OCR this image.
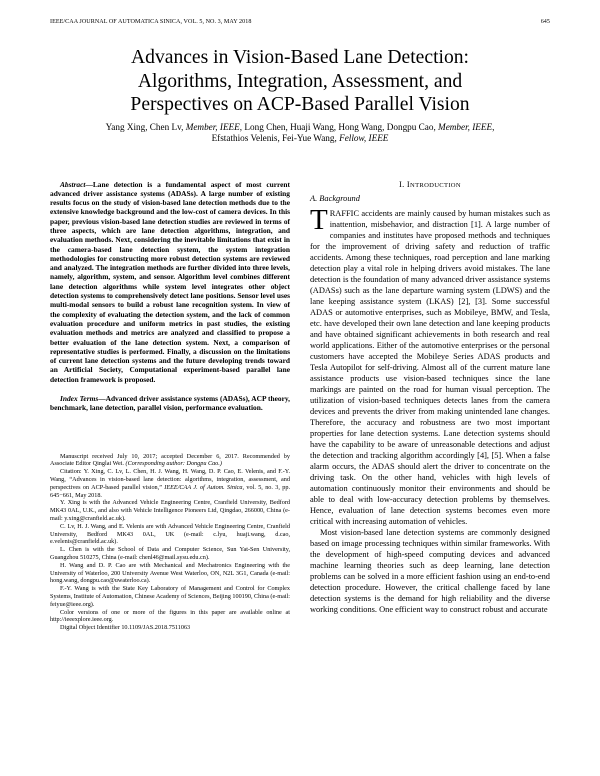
IEEE/CAA JOURNAL OF AUTOMATICA SINICA, VOL. 5, NO. 3, MAY 2018	645
Advances in Vision-Based Lane Detection:
Algorithms, Integration, Assessment, and
Perspectives on ACP-Based Parallel Vision
Yang Xing, Chen Lv, Member, IEEE, Long Chen, Huaji Wang, Hong Wang, Dongpu Cao, Member, IEEE,
Efstathios Velenis, Fei-Yue Wang, Fellow, IEEE

Abstract—Lane detection is a fundamental aspect of most current advanced driver assistance systems (ADASs). A large number of existing results focus on the study of vision-based lane detection methods due to the extensive knowledge background and the low-cost of camera devices. In this paper, previous vision-based lane detection studies are reviewed in terms of three aspects, which are lane detection algorithms, integration, and evaluation methods. Next, considering the inevitable limitations that exist in the camera-based lane detection system, the system integration methodologies for constructing more robust detection systems are reviewed and analyzed. The integration methods are further divided into three levels, namely, algorithm, system, and sensor. Algorithm level combines different lane detection algorithms while system level integrates other object detection systems to comprehensively detect lane positions. Sensor level uses multi-modal sensors to build a robust lane recognition system. In view of the complexity of evaluating the detection system, and the lack of common evaluation procedure and uniform metrics in past studies, the existing evaluation methods and metrics are analyzed and classified to propose a better evaluation of the lane detection system. Next, a comparison of representative studies is performed. Finally, a discussion on the limitations of current lane detection systems and the future developing trends toward an Artificial Society, Computational experiment-based parallel lane detection framework is proposed.

Index Terms—Advanced driver assistance systems (ADASs), ACP theory, benchmark, lane detection, parallel vision, performance evaluation.

Manuscript received July 10, 2017; accepted December 6, 2017. Recommended by Associate Editor Qinglai Wei. (Corresponding author: Dongpu Cao.)

Citation: Y. Xing, C. Lv, L. Chen, H. J. Wang, H. Wang, D. P. Cao, E. Velenis, and F.-Y. Wang, “Advances in vision-based lane detection: algorithms, integration, assessment, and perspectives on ACP-based parallel vision,” IEEE/CAA J. of Autom. Sinica, vol. 5, no. 3, pp. 645−661, May 2018.

Y. Xing is with the Advanced Vehicle Engineering Centre, Cranfield University, Bedford MK43 0AL, U.K., and also with Vehicle Intelligence Pioneers Ltd, Qingdao, 266000, China (e-mail: y.xing@cranfield.ac.uk).

C. Lv, H. J. Wang, and E. Velenis are with Advanced Vehicle Engineering Centre, Cranfield University, Bedford MK43 0AL, UK (e-mail: c.lyu, huaji.wang, d.cao, e.velenis@cranfield.ac.uk).

L. Chen is with the School of Data and Computer Science, Sun Yat-Sen University, Guangzhou 510275, China (e-mail: chenl46@mail.sysu.edu.cn).

H. Wang and D. P. Cao are with Mechanical and Mechatronics Engineering with the University of Waterloo, 200 University Avenue West Waterloo, ON, N2L 3G1, Canada (e-mail: hong.wang, dongpu.cao@uwaterloo.ca).

F.-Y. Wang is with the State Key Laboratory of Management and Control for Complex Systems, Institute of Automation, Chinese Academy of Sciences, Beijing 100190, China (e-mail: feiyue@ieee.org).

Color versions of one or more of the figures in this paper are available online at http://ieeexplore.ieee.org.

Digital Object Identifier 10.1109/JAS.2018.7511063

I. INTRODUCTION
A. Background

TRAFFIC accidents are mainly caused by human mistakes such as inattention, misbehavior, and distraction [1]. A large number of companies and institutes have proposed methods and techniques for the improvement of driving safety and reduction of traffic accidents. Among these techniques, road perception and lane marking detection play a vital role in helping drivers avoid mistakes. The lane detection is the foundation of many advanced driver assistance systems (ADASs) such as the lane departure warning system (LDWS) and the lane keeping assistance system (LKAS) [2], [3]. Some successful ADAS or automotive enterprises, such as Mobileye, BMW, and Tesla, etc. have developed their own lane detection and lane keeping products and have obtained significant achievements in both research and real world applications. Either of the automotive enterprises or the personal customers have accepted the Mobileye Series ADAS products and Tesla Autopilot for self-driving. Almost all of the current mature lane assistance products use vision-based techniques since the lane markings are painted on the road for human visual perception. The utilization of vision-based techniques detects lanes from the camera devices and prevents the driver from making unintended lane changes. Therefore, the accuracy and robustness are two most important properties for lane detection systems. Lane detection systems should have the capability to be aware of unreasonable detections and adjust the detection and tracking algorithm accordingly [4], [5]. When a false alarm occurs, the ADAS should alert the driver to concentrate on the driving task. On the other hand, vehicles with high levels of automation continuously monitor their environments and should be able to deal with low-accuracy detection problems by themselves. Hence, evaluation of lane detection systems becomes even more critical with increasing automation of vehicles.

Most vision-based lane detection systems are commonly designed based on image processing techniques within similar frameworks. With the development of high-speed computing devices and advanced machine learning theories such as deep learning, lane detection problems can be solved in a more efficient fashion using an end-to-end detection procedure. However, the critical challenge faced by lane detection systems is the demand for high reliability and the diverse working conditions. One efficient way to construct robust and accurate
